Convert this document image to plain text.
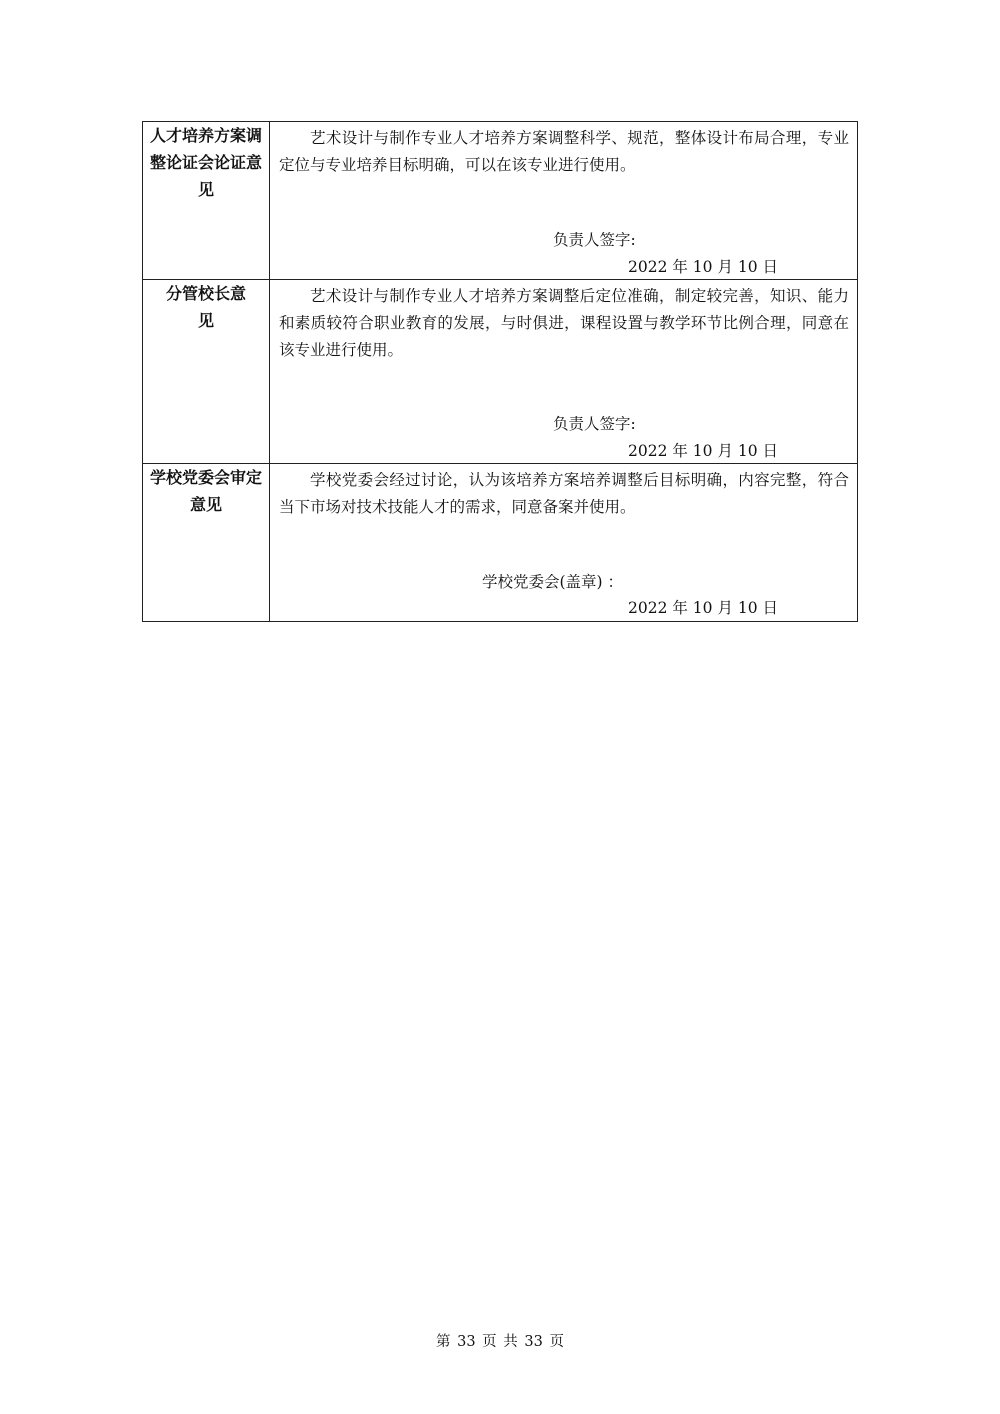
人才培养方案调整论证会论证意见	艺术设计与制作专业人才培养方案调整科学、规范，整体设计布局合理，专业定位与专业培养目标明确，可以在该专业进行使用。

负责人签字:
2022 年 10 月 10 日

分管校长意见	艺术设计与制作专业人才培养方案调整后定位准确，制定较完善，知识、能力和素质较符合职业教育的发展，与时俱进，课程设置与教学环节比例合理，同意在该专业进行使用。

负责人签字:
2022 年 10 月 10 日

学校党委会审定意见	学校党委会经过讨论，认为该培养方案培养调整后目标明确，内容完整，符合当下市场对技术技能人才的需求，同意备案并使用。

学校党委会(盖章) ：
2022 年 10 月 10 日
第 33 页 共 33 页
